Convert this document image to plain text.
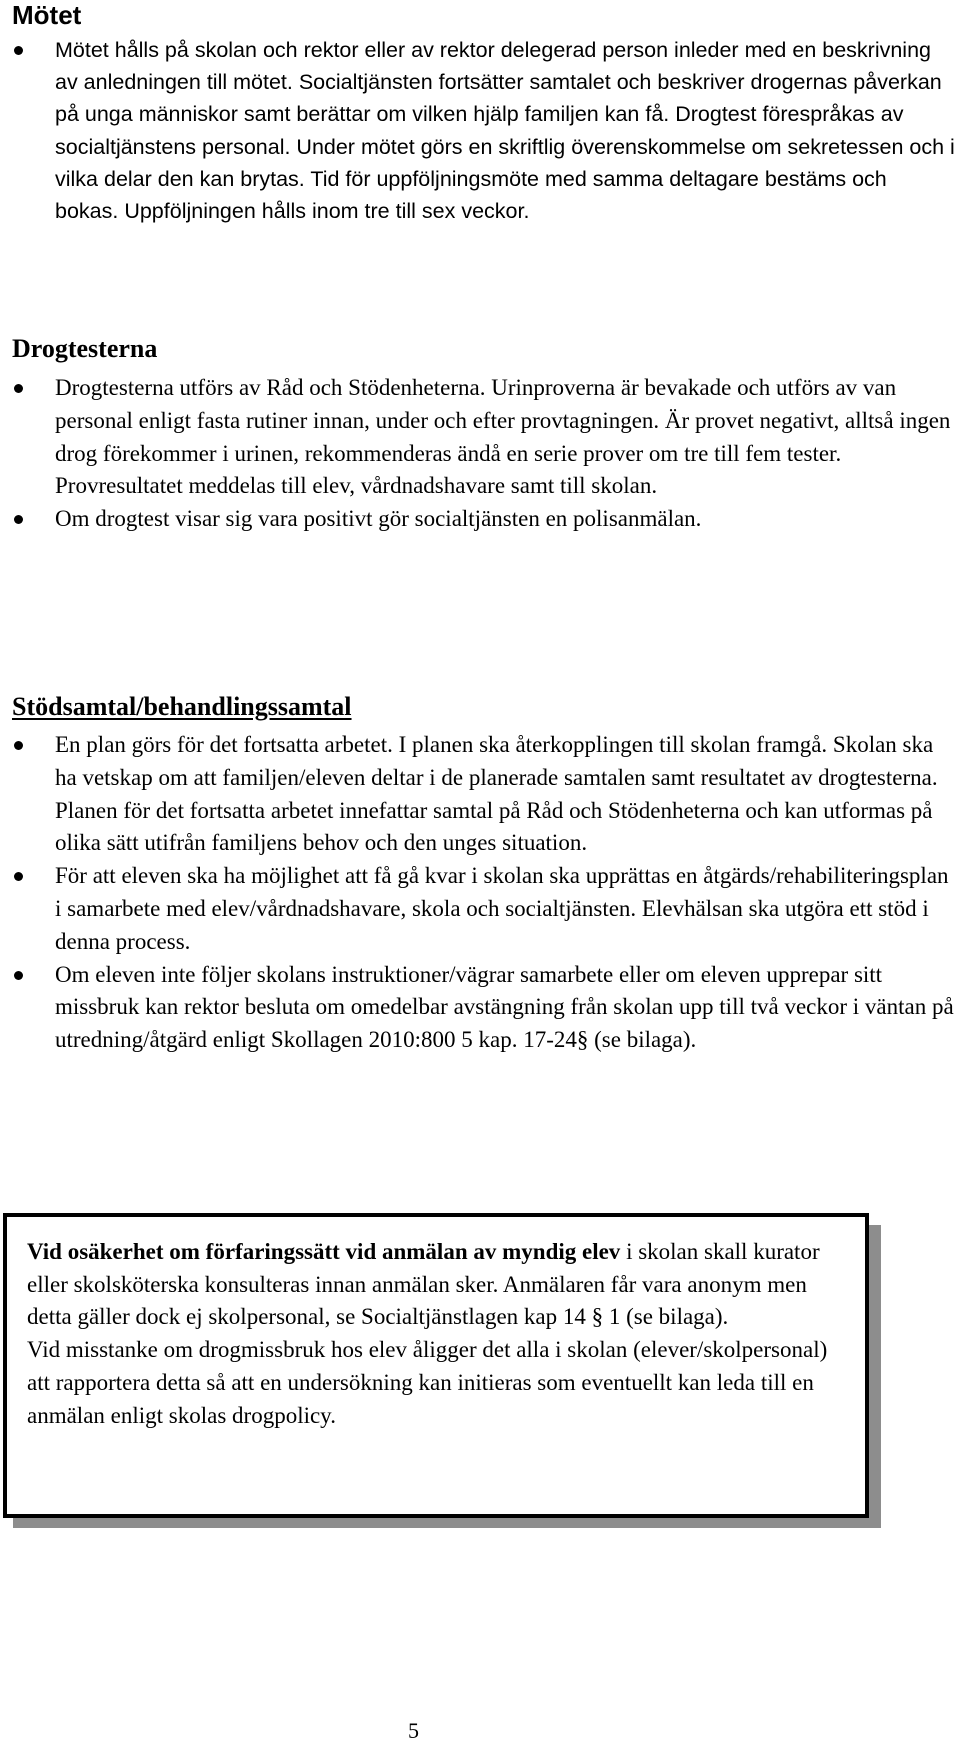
Mötet
Mötet hålls på skolan och rektor eller av rektor delegerad person inleder med en beskrivning av anledningen till mötet. Socialtjänsten fortsätter samtalet och beskriver drogernas påverkan på unga människor samt berättar om vilken hjälp familjen kan få. Drogtest förespråkas av socialtjänstens personal. Under mötet görs en skriftlig överenskommelse om sekretessen och i vilka delar den kan brytas. Tid för uppföljningsmöte med samma deltagare bestäms och bokas. Uppföljningen hålls inom tre till sex veckor.
Drogtesterna
Drogtesterna utförs av Råd och Stödenheterna. Urinproverna är bevakade och utförs av van personal enligt fasta rutiner innan, under och efter provtagningen. Är provet negativt, alltså ingen drog förekommer i urinen, rekommenderas ändå en serie prover om tre till fem tester. Provresultatet meddelas till elev, vårdnadshavare samt till skolan.
Om drogtest visar sig vara positivt gör socialtjänsten en polisanmälan.
Stödsamtal/behandlingssamtal
En plan görs för det fortsatta arbetet. I planen ska återkopplingen till skolan framgå. Skolan ska ha vetskap om att familjen/eleven deltar i de planerade samtalen samt resultatet av drogtesterna. Planen för det fortsatta arbetet innefattar samtal på Råd och Stödenheterna och kan utformas på olika sätt utifrån familjens behov och den unges situation.
För att eleven ska ha möjlighet att få gå kvar i skolan ska upprättas en åtgärds/rehabiliteringsplan i samarbete med elev/vårdnadshavare, skola och socialtjänsten. Elevhälsan ska utgöra ett stöd i denna process.
Om eleven inte följer skolans instruktioner/vägrar samarbete eller om eleven upprepar sitt missbruk kan rektor besluta om omedelbar avstängning från skolan upp till två veckor i väntan på utredning/åtgärd enligt Skollagen 2010:800 5 kap. 17-24§ (se bilaga).

Vid osäkerhet om förfaringssätt vid anmälan av myndig elev i skolan skall kurator eller skolsköterska konsulteras innan anmälan sker. Anmälaren får vara anonym men detta gäller dock ej skolpersonal, se Socialtjänstlagen kap 14 § 1 (se bilaga).

Vid misstanke om drogmissbruk hos elev åligger det alla i skolan (elever/skolpersonal) att rapportera detta så att en undersökning kan initieras som eventuellt kan leda till en anmälan enligt skolas drogpolicy.

5
